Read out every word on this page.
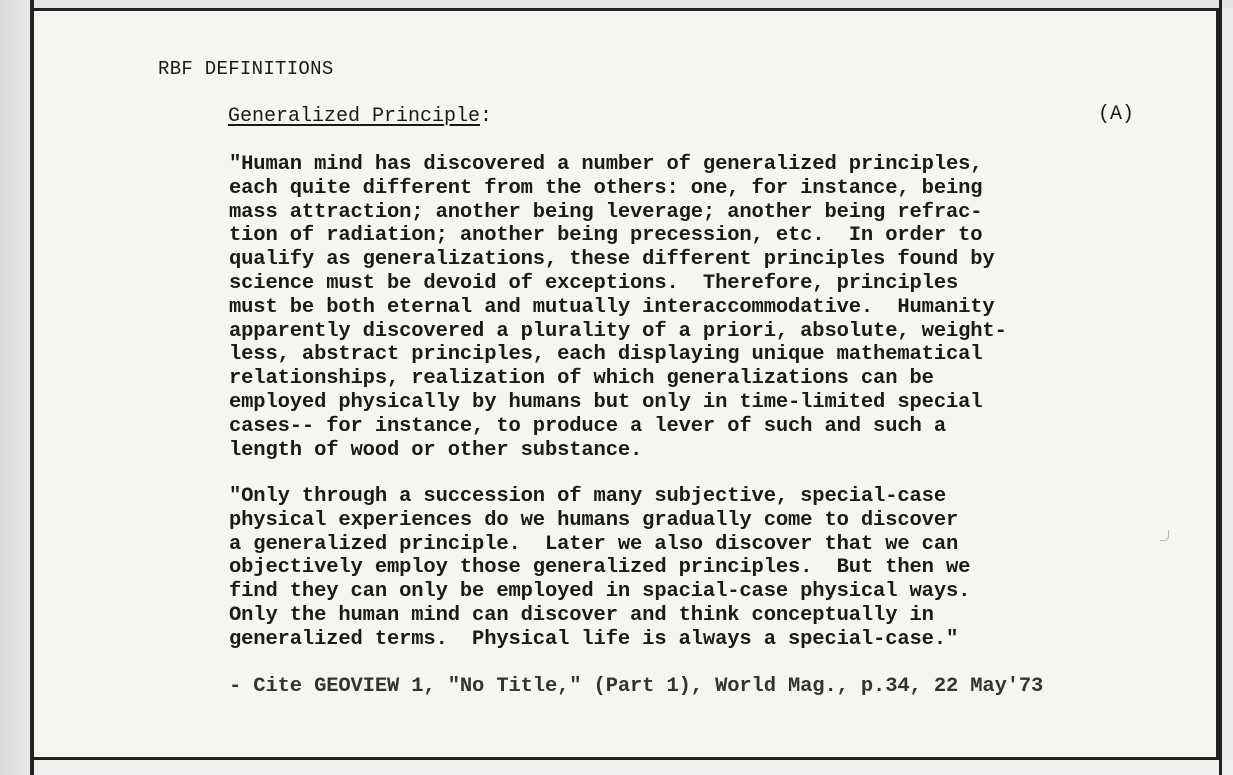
RBF DEFINITIONS
Generalized Principle:	(A)

"Human mind has discovered a number of generalized principles,
each quite different from the others: one, for instance, being
mass attraction; another being leverage; another being refrac-
tion of radiation; another being precession, etc.  In order to
qualify as generalizations, these different principles found by
science must be devoid of exceptions.  Therefore, principles
must be both eternal and mutually interaccommodative.  Humanity
apparently discovered a plurality of a priori, absolute, weight-
less, abstract principles, each displaying unique mathematical
relationships, realization of which generalizations can be
employed physically by humans but only in time-limited special
cases-- for instance, to produce a lever of such and such a
length of wood or other substance.

"Only through a succession of many subjective, special-case
physical experiences do we humans gradually come to discover
a generalized principle.  Later we also discover that we can
objectively employ those generalized principles.  But then we
find they can only be employed in spacial-case physical ways.
Only the human mind can discover and think conceptually in
generalized terms.  Physical life is always a special-case."

- Cite GEOVIEW 1, "No Title," (Part 1), World Mag., p.34, 22 May'73
